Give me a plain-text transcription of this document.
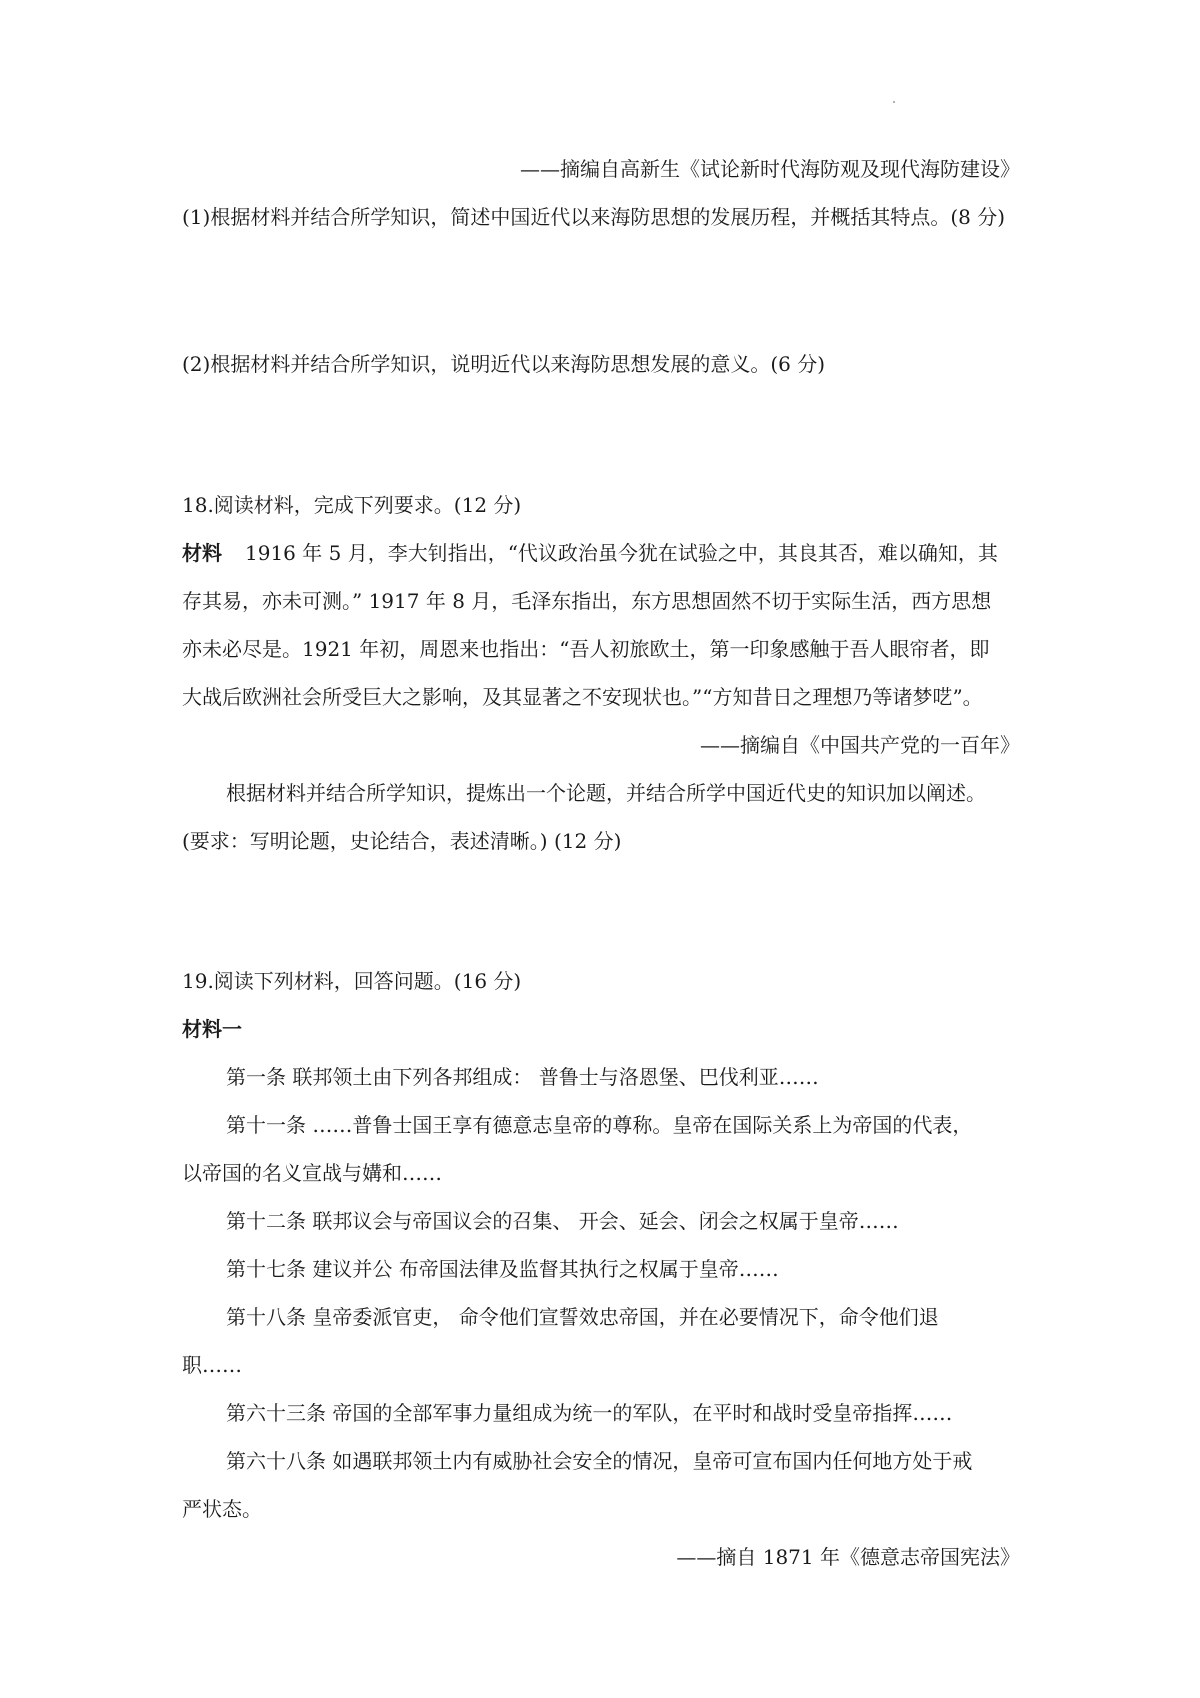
——摘编自高新生《试论新时代海防观及现代海防建设》
(1)根据材料并结合所学知识，简述中国近代以来海防思想的发展历程，并概括其特点。(8 分)
(2)根据材料并结合所学知识，说明近代以来海防思想发展的意义。(6 分)
18.阅读材料，完成下列要求。(12 分)
材料 1916 年 5 月，李大钊指出，“代议政治虽今犹在试验之中，其良其否，难以确知，其
存其易，亦未可测。” 1917 年 8 月，毛泽东指出，东方思想固然不切于实际生活，西方思想
亦未必尽是。1921 年初，周恩来也指出：“吾人初旅欧土，第一印象感触于吾人眼帘者，即
大战后欧洲社会所受巨大之影响，及其显著之不安现状也。”“方知昔日之理想乃等诸梦呓”。
——摘编自《中国共产党的一百年》
根据材料并结合所学知识，提炼出一个论题，并结合所学中国近代史的知识加以阐述。
(要求：写明论题，史论结合，表述清晰。) (12 分)
19.阅读下列材料，回答问题。(16 分)
材料一
第一条 联邦领土由下列各邦组成： 普鲁士与洛恩堡、巴伐利亚……
第十一条 ……普鲁士国王享有德意志皇帝的尊称。皇帝在国际关系上为帝国的代表，
以帝国的名义宣战与媾和……
第十二条 联邦议会与帝国议会的召集、 开会、延会、闭会之权属于皇帝……
第十七条 建议并公 布帝国法律及监督其执行之权属于皇帝……
第十八条 皇帝委派官吏， 命令他们宣誓效忠帝国，并在必要情况下，命令他们退
职……
第六十三条 帝国的全部军事力量组成为统一的军队，在平时和战时受皇帝指挥……
第六十八条 如遇联邦领土内有威胁社会安全的情况，皇帝可宣布国内任何地方处于戒
严状态。
——摘自 1871 年《德意志帝国宪法》
